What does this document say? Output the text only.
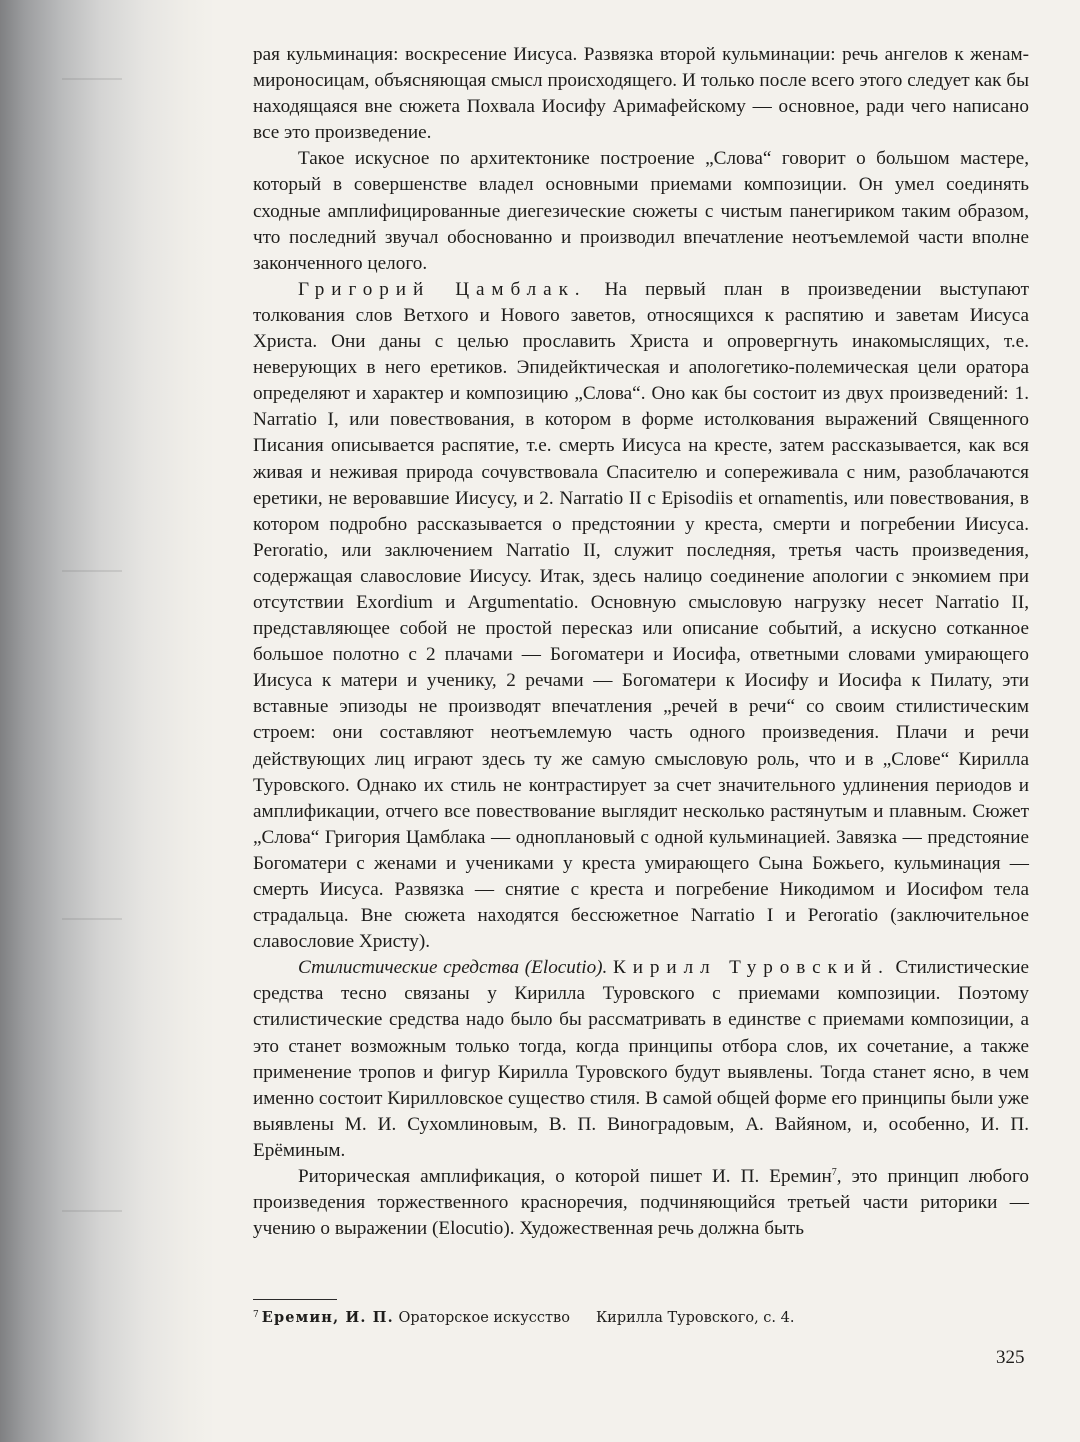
рая кульминация: воскресение Иисуса. Развязка второй кульминации: речь ангелов к женам-мироносицам, объясняющая смысл происходящего. И только после всего этого следует как бы находящаяся вне сюжета Похвала Иосифу Аримафейскому — основное, ради чего написано все это произведение.

Такое искусное по архитектонике построение „Слова“ говорит о большом мастере, который в совершенстве владел основными приемами композиции. Он умел соединять сходные амплифицированные диегезические сюжеты с чистым панегириком таким образом, что последний звучал обоснованно и производил впечатление неотъемлемой части вполне законченного целого.

Григорий Цамблак. На первый план в произведении выступают толкования слов Ветхого и Нового заветов, относящихся к распятию и заветам Иисуса Христа. Они даны с целью прославить Христа и опровергнуть инакомыслящих, т.е. неверующих в него еретиков. Эпидейктическая и апологетико-полемическая цели оратора определяют и характер и композицию „Слова“. Оно как бы состоит из двух произведений: 1. Narratio I, или повествования, в котором в форме истолкования выражений Священного Писания описывается распятие, т.е. смерть Иисуса на кресте, затем рассказывается, как вся живая и неживая природа сочувствовала Спасителю и сопереживала с ним, разоблачаются еретики, не веровавшие Иисусу, и 2. Narratio II с Episodiis et ornamentis, или повествования, в котором подробно рассказывается о предстоянии у креста, смерти и погребении Иисуса. Peroratio, или заключением Narratio II, служит последняя, третья часть произведения, содержащая славословие Иисусу. Итак, здесь налицо соединение апологии с энкомием при отсутствии Exordium и Argumentatio. Основную смысловую нагрузку несет Narratio II, представляющее собой не простой пересказ или описание событий, а искусно сотканное большое полотно с 2 плачами — Богоматери и Иосифа, ответными словами умирающего Иисуса к матери и ученику, 2 речами — Богоматери к Иосифу и Иосифа к Пилату, эти вставные эпизоды не производят впечатления „речей в речи“ со своим стилистическим строем: они составляют неотъемлемую часть одного произведения. Плачи и речи действующих лиц играют здесь ту же самую смысловую роль, что и в „Слове“ Кирилла Туровского. Однако их стиль не контрастирует за счет значительного удлинения периодов и амплификации, отчего все повествование выглядит несколько растянутым и плавным. Сюжет „Слова“ Григория Цамблака — одноплановый с одной кульминацией. Завязка — предстояние Богоматери с женами и учениками у креста умирающего Сына Божьего, кульминация — смерть Иисуса. Развязка — снятие с креста и погребение Никодимом и Иосифом тела страдальца. Вне сюжета находятся бессюжетное Narratio I и Peroratio (заключительное славословие Христу).

Стилистические средства (Elocutio). Кирилл Туровский. Стилистические средства тесно связаны у Кирилла Туровского с приемами композиции. Поэтому стилистические средства надо было бы рассматривать в единстве с приемами композиции, а это станет возможным только тогда, когда принципы отбора слов, их сочетание, а также применение тропов и фигур Кирилла Туровского будут выявлены. Тогда станет ясно, в чем именно состоит Кирилловское существо стиля. В самой общей форме его принципы были уже выявлены М. И. Сухомлиновым, В. П. Виноградовым, А. Вайяном, и, особенно, И. П. Ерёминым.

Риторическая амплификация, о которой пишет И. П. Еремин$^7$, это принцип любого произведения торжественного красноречия, подчиняющийся третьей части риторики — учению о выражении (Elocutio). Художественная речь должна быть

$^7$ Еремин, И. П. Ораторское искусство Кирилла Туровского, с. 4.
325
